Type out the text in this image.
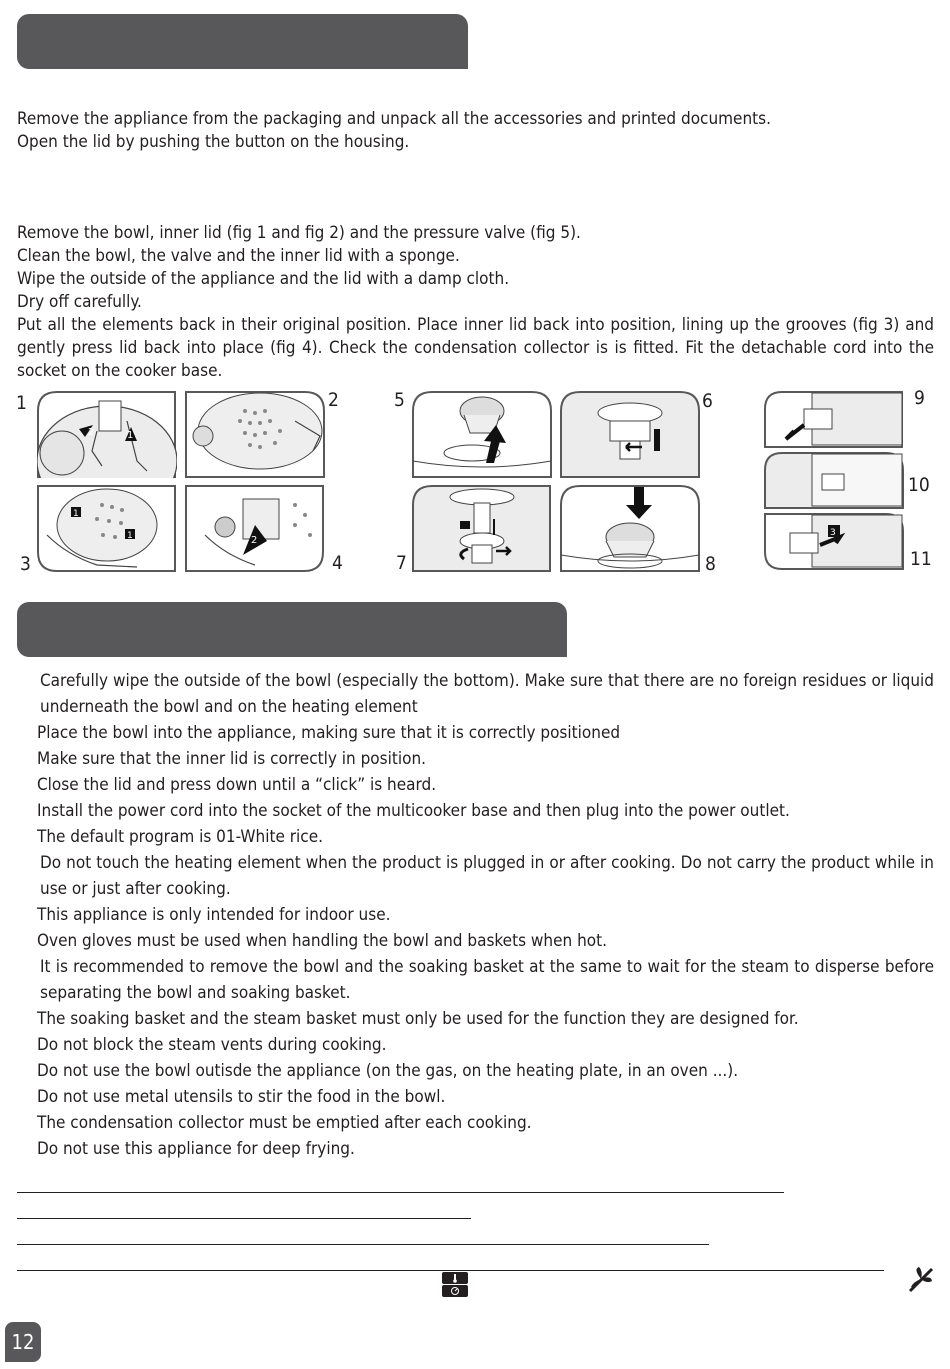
Remove the appliance from the packaging and unpack all the accessories and printed documents.

Open the lid by pushing the button on the housing.

Remove the bowl, inner lid (fig 1 and fig 2) and the pressure valve (fig 5).

Clean the bowl, the valve and the inner lid with a sponge.

Wipe the outside of the appliance and the lid with a damp cloth.

Dry off carefully.

Put all the elements back in their original position. Place inner lid back into position, lining up the grooves (fig 3) and gently press lid back into place (fig 4). Check the condensation collector is is fitted. Fit the detachable cord into the socket on the cooker base.

1	2
3	4
5	6
7	8
9
10
11
2	1
1
1	2
3
Carefully wipe the outside of the bowl (especially the bottom). Make sure that there are no foreign residues or liquid underneath the bowl and on the heating element
Place the bowl into the appliance, making sure that it is correctly positioned
Make sure that the inner lid is correctly in position.
Close the lid and press down until a “click” is heard.
Install the power cord into the socket of the multicooker base and then plug into the power outlet.
The default program is 01-White rice.
Do not touch the heating element when the product is plugged in or after cooking. Do not carry the product while in use or just after cooking.
This appliance is only intended for indoor use.
Oven gloves must be used when handling the bowl and baskets when hot.
It is recommended to remove the bowl and the soaking basket at the same to wait for the steam to disperse before separating the bowl and soaking basket.
The soaking basket and the steam basket must only be used for the function they are designed for.
Do not block the steam vents during cooking.
Do not use the bowl outisde the appliance (on the gas, on the heating plate, in an oven ...).
Do not use metal utensils to stir the food in the bowl.
The condensation collector must be emptied after each cooking.
Do not use this appliance for deep frying.
12
